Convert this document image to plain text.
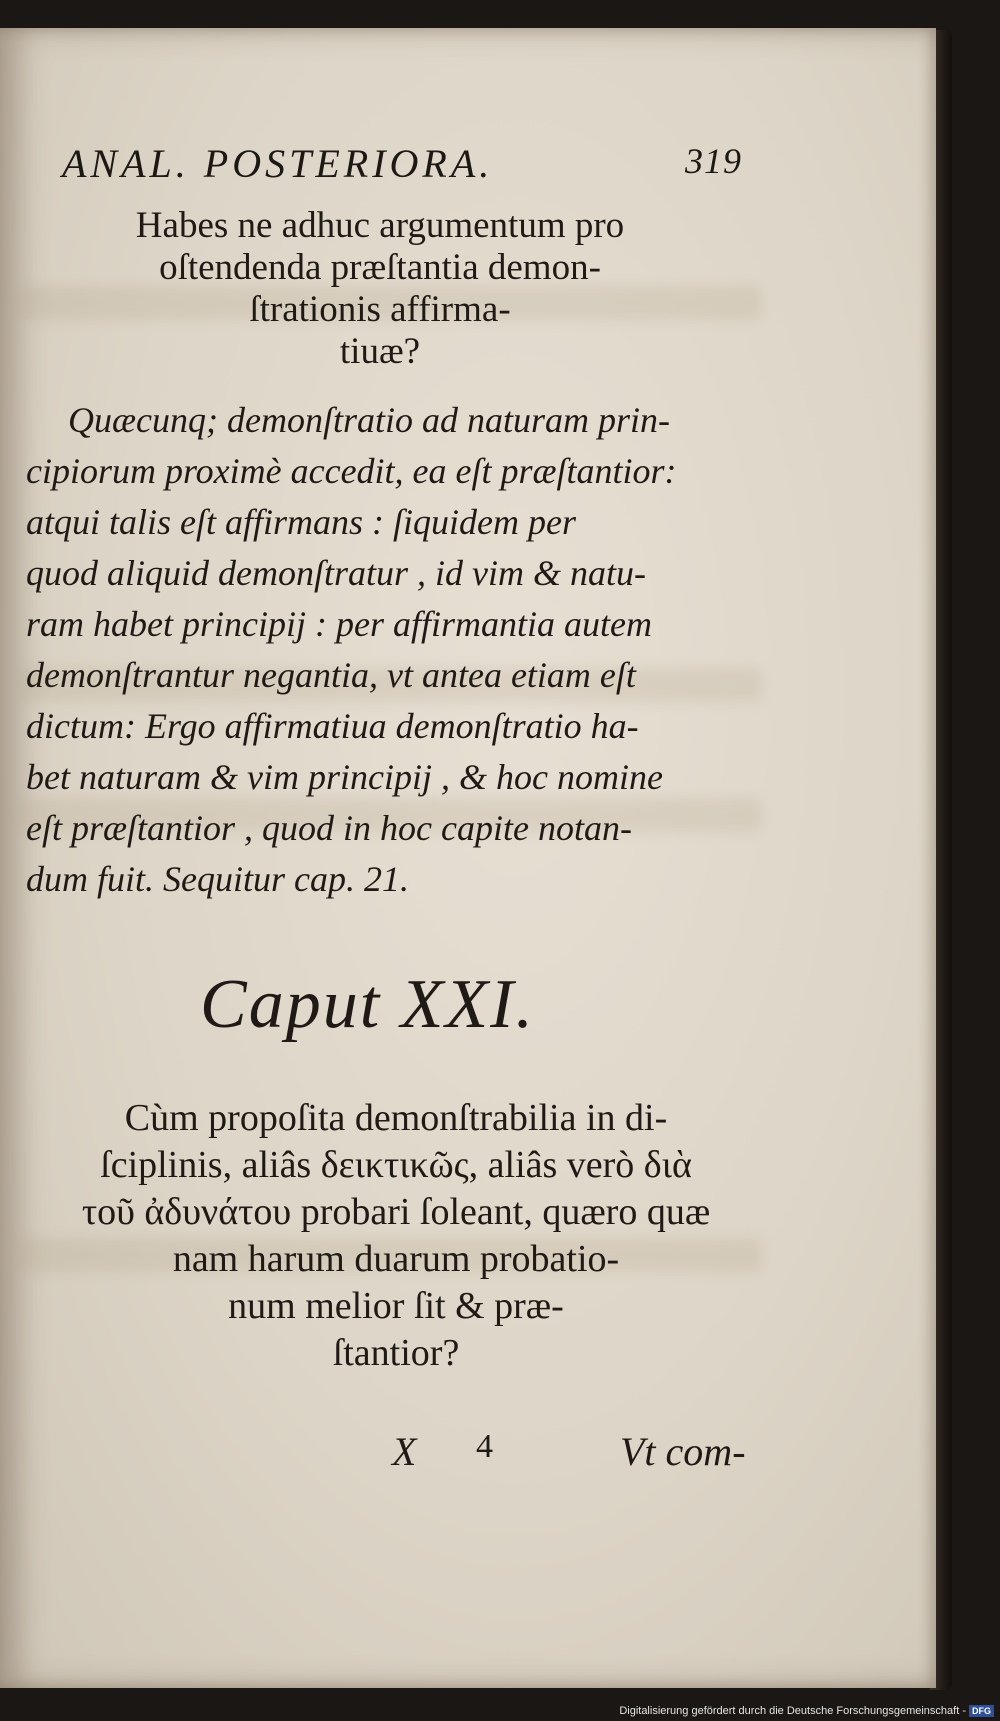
ANAL. POSTERIORA.	319
Habes ne adhuc argumentum pro
oſtendenda præſtantia demon-
ſtrationis affirma-
tiuæ?
Quæcunq; demonſtratio ad naturam prin-
cipiorum proximè accedit, ea eſt præſtantior:
atqui talis eſt affirmans : ſiquidem per
quod aliquid demonſtratur , id vim & natu-
ram habet principij : per affirmantia autem
demonſtrantur negantia, vt antea etiam eſt
dictum: Ergo affirmatiua demonſtratio ha-
bet naturam & vim principij , & hoc nomine
eſt præſtantior , quod in hoc capite notan-
dum fuit. Sequitur cap. 21.
Caput XXI.
Cùm propoſita demonſtrabilia in di-
ſciplinis, aliâs δεικτικῶς, aliâs verò διὰ
τοῦ ἀδυνάτου probari ſoleant, quæro quæ
nam harum duarum probatio-
num melior ſit & præ-
ſtantior?
X 4	Vt com-
Digitalisierung gefördert durch die Deutsche Forschungsgemeinschaft - DFG
